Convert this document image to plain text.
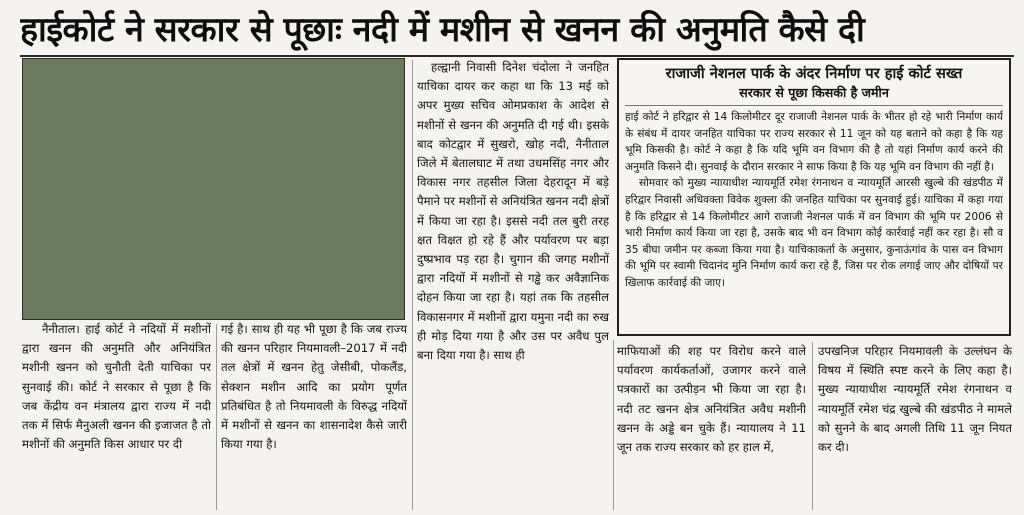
हाईकोर्ट ने सरकार से पूछाः नदी में मशीन से खनन की अनुमति कैसे दी

नैनीताल। हाई कोर्ट ने नदियों में मशीनों द्वारा खनन की अनुमति और अनियंत्रित मशीनी खनन को चुनौती देती याचिका पर सुनवाई की। कोर्ट ने सरकार से पूछा है कि जब केंद्रीय वन मंत्रालय द्वारा राज्य में नदी तक में सिर्फ मैनुअली खनन की इजाजत है तो मशीनों की अनुमति किस आधार पर दी

गई है। साथ ही यह भी पूछा है कि जब राज्य की खनन परिहार नियमावली–2017 में नदी तल क्षेत्रों में खनन हेतु जेसीबी, पोकलैंड, सेक्शन मशीन आदि का प्रयोग पूर्णत प्रतिबंधित है तो नियमावली के विरुद्ध नदियों में मशीनों से खनन का शासनादेश कैसे जारी किया गया है।

हल्द्वानी निवासी दिनेश चंदोला ने जनहित याचिका दायर कर कहा था कि 13 मई को अपर मुख्य सचिव ओमप्रकाश के आदेश से मशीनों से खनन की अनुमति दी गई थी। इसके बाद कोटद्वार में सुखरो, खोह नदी, नैनीताल जिले में बेतालघाट में तथा उधमसिंह नगर और विकास नगर तहसील जिला देहरादून में बड़े पैमाने पर मशीनों से अनियंत्रित खनन नदी क्षेत्रों में किया जा रहा है। इससे नदी तल बुरी तरह क्षत विक्षत हो रहे हैं और पर्यावरण पर बड़ा दुष्प्रभाव पड़ रहा है। चुगान की जगह मशीनों द्वारा नदियों में मशीनों से गड्ढे कर अवैज्ञानिक दोहन किया जा रहा है। यहां तक कि तहसील विकासनगर में मशीनों द्वारा यमुना नदी का रुख ही मोड़ दिया गया है और उस पर अवैध पुल बना दिया गया है। साथ ही

राजाजी नेशनल पार्क के अंदर निर्माण पर हाई कोर्ट सख्त
सरकार से पूछा किसकी है जमीन

हाई कोर्ट ने हरिद्वार से 14 किलोमीटर दूर राजाजी नेशनल पार्क के भीतर हो रहे भारी निर्माण कार्य के संबंध में दायर जनहित याचिका पर राज्य सरकार से 11 जून को यह बताने को कहा है कि यह भूमि किसकी है। कोर्ट ने कहा है कि यदि भूमि वन विभाग की है तो यहां निर्माण कार्य करने की अनुमति किसने दी। सुनवाई के दौरान सरकार ने साफ किया है कि यह भूमि वन विभाग की नहीं है।

सोमवार को मुख्य न्यायाधीश न्यायमूर्ति रमेश रंगनाथन व न्यायमूर्ति आरसी खुल्बे की खंडपीठ में हरिद्वार निवासी अधिवक्ता विवेक शुक्ला की जनहित याचिका पर सुनवाई हुई। याचिका में कहा गया है कि हरिद्वार से 14 किलोमीटर आगे राजाजी नेशनल पार्क में वन विभाग की भूमि पर 2006 से भारी निर्माण कार्य किया जा रहा है, उसके बाद भी वन विभाग कोई कार्रवाई नहीं कर रहा है। सौ व 35 बीघा जमीन पर कब्जा किया गया है। याचिकाकर्ता के अनुसार, कुनाऊंगांव के पास वन विभाग की भूमि पर स्वामी चिदानंद मुनि निर्माण कार्य करा रहे हैं, जिस पर रोक लगाई जाए और दोषियों पर खिलाफ कार्रवाई की जाए।

माफियाओं की शह पर विरोध करने वाले पर्यावरण कार्यकर्ताओं, उजागर करने वाले पत्रकारों का उत्पीड़न भी किया जा रहा है। नदी तट खनन क्षेत्र अनियंत्रित अवैध मशीनी खनन के अड्डे बन चुके हैं। न्यायालय ने 11 जून तक राज्य सरकार को हर हाल में,

उपखनिज परिहार नियमावली के उल्लंघन के विषय में स्थिति स्पष्ट करने के लिए कहा है। मुख्य न्यायाधीश न्यायमूर्ति रमेश रंगनाथन व न्यायमूर्ति रमेश चंद्र खुल्बे की खंडपीठ ने मामले को सुनने के बाद अगली तिथि 11 जून नियत कर दी।
